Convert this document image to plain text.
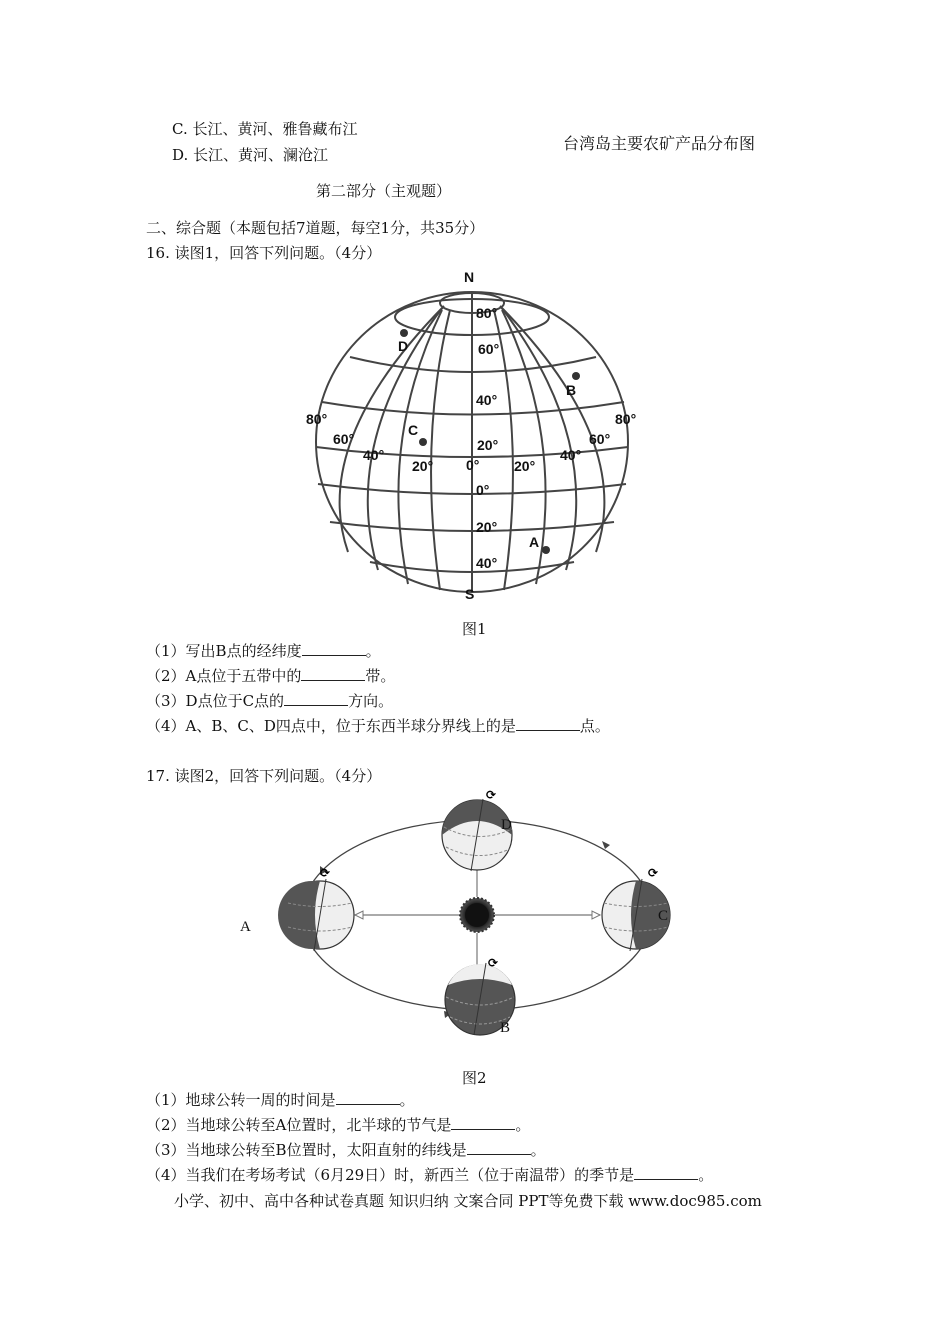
C. 长江、黄河、雅鲁藏布江
D. 长江、黄河、澜沧江
台湾岛主要农矿产品分布图
第二部分（主观题）
二、综合题（本题包括7道题，每空1分，共35分）
16. 读图1，回答下列问题。（4分）
N
S
80°
60°
40°
20°
0°
0°
20°
40°
80°
60°
40°
20°	20°
40°
60°
80°
A
B
C
D
图1
（1）写出B点的经纬度	。
（2）A点位于五带中的	带。
（3）D点位于C点的	方向。
（4）A、B、C、D四点中，位于东西半球分界线上的是	点。
17. 读图2，回答下列问题。（4分）
⟳	⟳
⟳
⟳
A
B
C
D
图2
（1）地球公转一周的时间是	。
（2）当地球公转至A位置时，北半球的节气是	。
（3）当地球公转至B位置时，太阳直射的纬线是	。
（4）当我们在考场考试（6月29日）时，新西兰（位于南温带）的季节是	。
小学、初中、高中各种试卷真题 知识归纳 文案合同 PPT等免费下载 www.doc985.com
